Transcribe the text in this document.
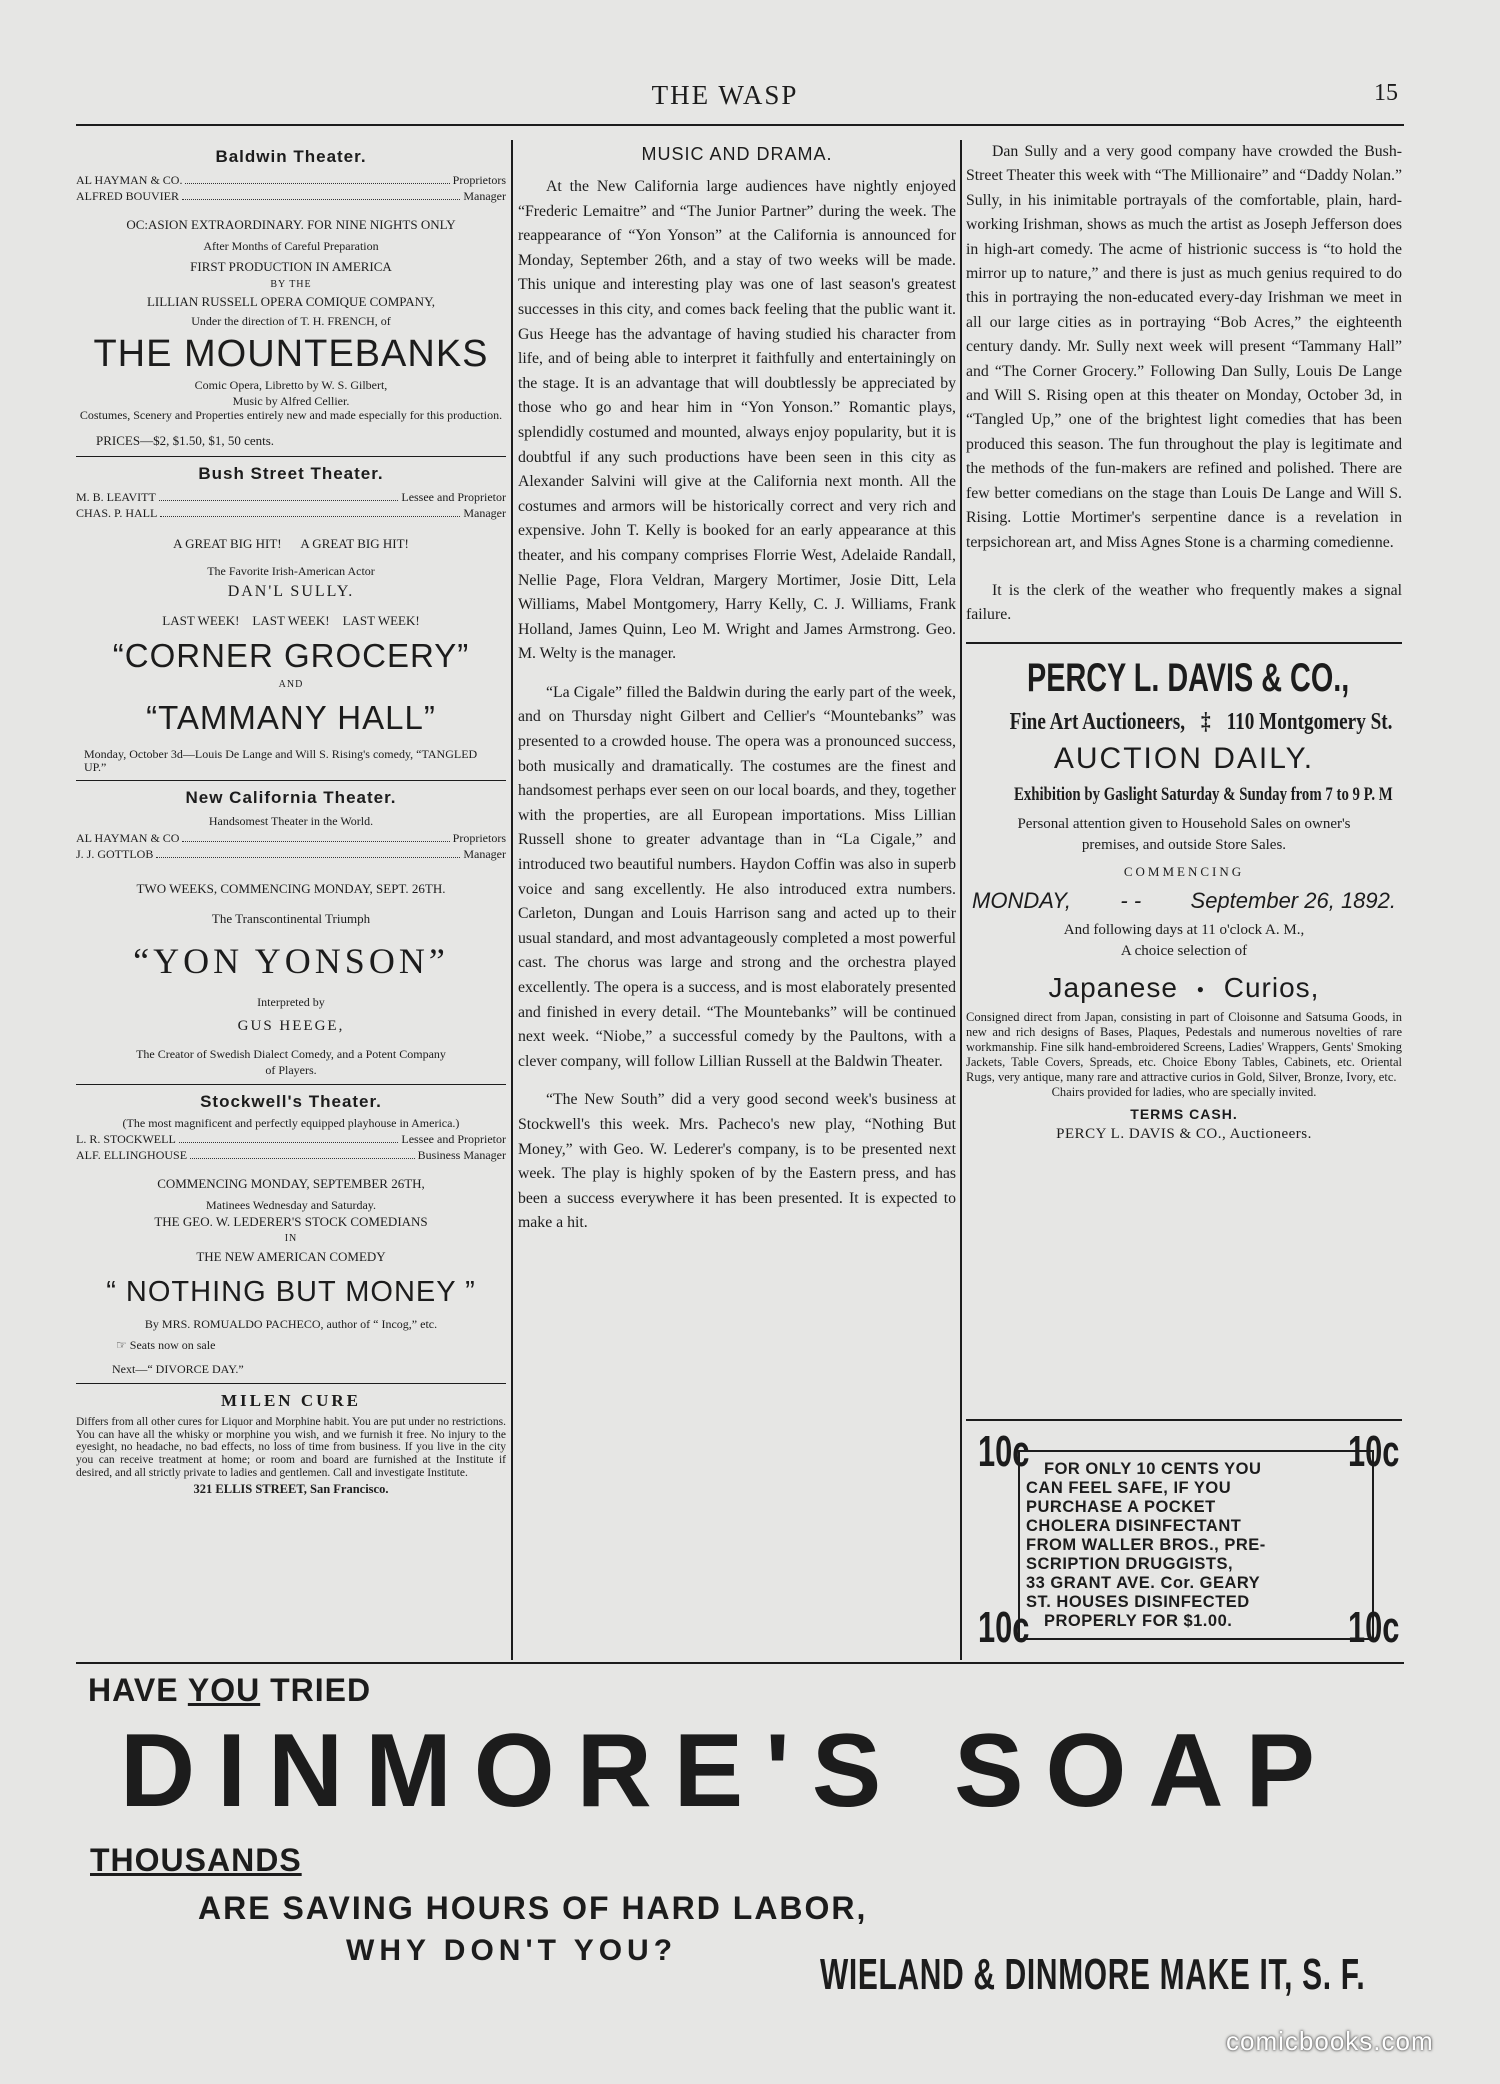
THE WASP	15
Baldwin Theater.
AL HAYMAN & CO.	Proprietors
ALFRED BOUVIER	Manager
OC:ASION EXTRAORDINARY. FOR NINE NIGHTS ONLY
After Months of Careful Preparation
FIRST PRODUCTION IN AMERICA
BY THE
LILLIAN RUSSELL OPERA COMIQUE COMPANY,
Under the direction of T. H. FRENCH, of
THE MOUNTEBANKS
Comic Opera, Libretto by W. S. Gilbert,
Music by Alfred Cellier.
Costumes, Scenery and Properties entirely new and made especially for this production.
PRICES—$2, $1.50, $1, 50 cents.
Bush Street Theater.
M. B. LEAVITT	Lessee and Proprietor
CHAS. P. HALL	Manager
A GREAT BIG HIT!      A GREAT BIG HIT!
The Favorite Irish-American Actor
DAN'L SULLY.
LAST WEEK!    LAST WEEK!    LAST WEEK!
“CORNER GROCERY”
AND
“TAMMANY HALL”
Monday, October 3d—Louis De Lange and Will S. Rising's comedy, “TANGLED UP.”
New California Theater.
Handsomest Theater in the World.
AL HAYMAN & CO	Proprietors
J. J. GOTTLOB	Manager
TWO WEEKS, COMMENCING MONDAY, SEPT. 26TH.
The Transcontinental Triumph
“YON YONSON”
Interpreted by
GUS HEEGE,
The Creator of Swedish Dialect Comedy, and a Potent Company of Players.
Stockwell's Theater.
(The most magnificent and perfectly equipped playhouse in America.)
L. R. STOCKWELL	Lessee and Proprietor
ALF. ELLINGHOUSE	Business Manager
COMMENCING MONDAY, SEPTEMBER 26TH,
Matinees Wednesday and Saturday.
THE GEO. W. LEDERER'S STOCK COMEDIANS
IN
THE NEW AMERICAN COMEDY
“ NOTHING BUT MONEY ”
By MRS. ROMUALDO PACHECO, author of “ Incog,” etc.
☞ Seats now on sale
Next—“ DIVORCE DAY.”
MILEN CURE
Differs from all other cures for Liquor and Morphine habit. You are put under no restrictions. You can have all the whisky or morphine you wish, and we furnish it free. No injury to the eyesight, no headache, no bad effects, no loss of time from business. If you live in the city you can receive treatment at home; or room and board are furnished at the Institute if desired, and all strictly private to ladies and gentlemen. Call and investigate Institute.
321 ELLIS STREET, San Francisco.
MUSIC AND DRAMA.

At the New California large audiences have nightly enjoyed “Frederic Lemaitre” and “The Junior Partner” during the week. The reappearance of “Yon Yonson” at the California is announced for Monday, September 26th, and a stay of two weeks will be made. This unique and interesting play was one of last season's greatest successes in this city, and comes back feeling that the public want it. Gus Heege has the advantage of having studied his character from life, and of being able to interpret it faithfully and entertainingly on the stage. It is an advantage that will doubtlessly be appreciated by those who go and hear him in “Yon Yonson.” Romantic plays, splendidly costumed and mounted, always enjoy popularity, but it is doubtful if any such productions have been seen in this city as Alexander Salvini will give at the California next month. All the costumes and armors will be historically correct and very rich and expensive. John T. Kelly is booked for an early appearance at this theater, and his company comprises Florrie West, Adelaide Randall, Nellie Page, Flora Veldran, Margery Mortimer, Josie Ditt, Lela Williams, Mabel Montgomery, Harry Kelly, C. J. Williams, Frank Holland, James Quinn, Leo M. Wright and James Armstrong. Geo. M. Welty is the manager.

“La Cigale” filled the Baldwin during the early part of the week, and on Thursday night Gilbert and Cellier's “Mountebanks” was presented to a crowded house. The opera was a pronounced success, both musically and dramatically. The costumes are the finest and handsomest perhaps ever seen on our local boards, and they, together with the properties, are all European importations. Miss Lillian Russell shone to greater advantage than in “La Cigale,” and introduced two beautiful numbers. Haydon Coffin was also in superb voice and sang excellently. He also introduced extra numbers. Carleton, Dungan and Louis Harrison sang and acted up to their usual standard, and most advantageously completed a most powerful cast. The chorus was large and strong and the orchestra played excellently. The opera is a success, and is most elaborately presented and finished in every detail. “The Mountebanks” will be continued next week. “Niobe,” a successful comedy by the Paultons, with a clever company, will follow Lillian Russell at the Baldwin Theater.

“The New South” did a very good second week's business at Stockwell's this week. Mrs. Pacheco's new play, “Nothing But Money,” with Geo. W. Lederer's company, is to be presented next week. The play is highly spoken of by the Eastern press, and has been a success everywhere it has been presented. It is expected to make a hit.

Dan Sully and a very good company have crowded the Bush-Street Theater this week with “The Millionaire” and “Daddy Nolan.” Sully, in his inimitable portrayals of the comfortable, plain, hard-working Irishman, shows as much the artist as Joseph Jefferson does in high-art comedy. The acme of histrionic success is “to hold the mirror up to nature,” and there is just as much genius required to do this in portraying the non-educated every-day Irishman we meet in all our large cities as in portraying “Bob Acres,” the eighteenth century dandy. Mr. Sully next week will present “Tammany Hall” and “The Corner Grocery.” Following Dan Sully, Louis De Lange and Will S. Rising open at this theater on Monday, October 3d, in “Tangled Up,” one of the brightest light comedies that has been produced this season. The fun throughout the play is legitimate and the methods of the fun-makers are refined and polished. There are few better comedians on the stage than Louis De Lange and Will S. Rising. Lottie Mortimer's serpentine dance is a revelation in terpsichorean art, and Miss Agnes Stone is a charming comedienne.

It is the clerk of the weather who frequently makes a signal failure.

PERCY L. DAVIS & CO.,
Fine Art Auctioneers, ‡ 110 Montgomery St.
AUCTION DAILY.
Exhibition by Gaslight Saturday & Sunday from 7 to 9 P. M
Personal attention given to Household Sales on owner's premises, and outside Store Sales.
COMMENCING
MONDAY, - - September 26, 1892.
And following days at 11 o'clock A. M.,
A choice selection of
Japanese ● Curios,
Consigned direct from Japan, consisting in part of Cloisonne and Satsuma Goods, in new and rich designs of Bases, Plaques, Pedestals and numerous novelties of rare workmanship. Fine silk hand-embroidered Screens, Ladies' Wrappers, Gents' Smoking Jackets, Table Covers, Spreads, etc. Choice Ebony Tables, Cabinets, etc. Oriental Rugs, very antique, many rare and attractive curios in Gold, Silver, Bronze, Ivory, etc.
Chairs provided for ladies, who are specially invited.
TERMS CASH.
PERCY L. DAVIS & CO., Auctioneers.
10c	10c
10c	10c
FOR ONLY 10 CENTS YOU
CAN FEEL SAFE, IF YOU
PURCHASE A POCKET
CHOLERA DISINFECTANT
FROM WALLER BROS., PRE-
SCRIPTION DRUGGISTS,
33 GRANT AVE. Cor. GEARY
ST. HOUSES DISINFECTED
PROPERLY FOR $1.00.
HAVE YOU TRIED
DINMORE'S SOAP
THOUSANDS
ARE SAVING HOURS OF HARD LABOR,
WHY DON'T YOU?	WIELAND & DINMORE MAKE IT, S. F.
comicbooks.com
